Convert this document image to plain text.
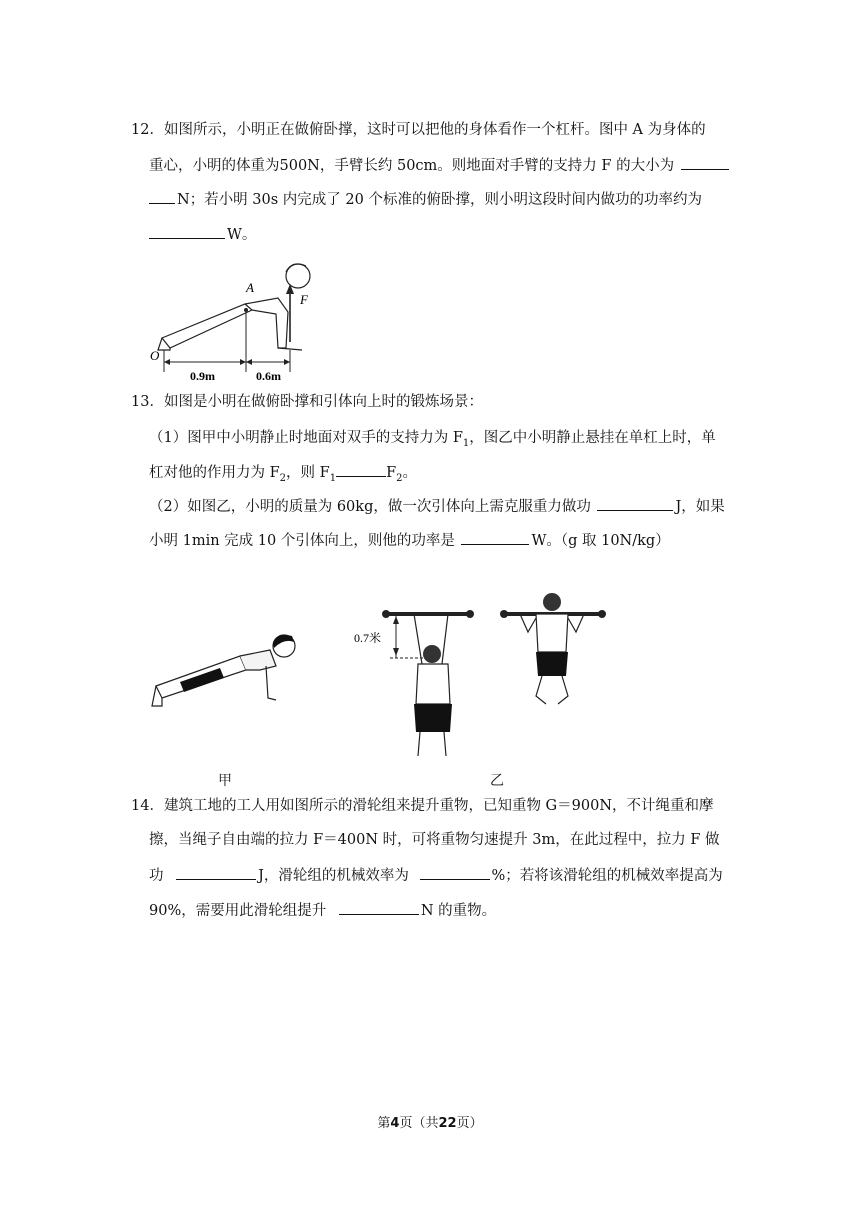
12．如图所示，小明正在做俯卧撑，这时可以把他的身体看作一个杠杆。图中 A 为身体的
重心，小明的体重为500N，手臂长约 50cm。则地面对手臂的支持力 F 的大小为
N；若小明 30s 内完成了 20 个标准的俯卧撑，则小明这段时间内做功的功率约为
W。
A
F
O
0.9m	0.6m
13．如图是小明在做俯卧撑和引体向上时的锻炼场景：
（1）图甲中小明静止时地面对双手的支持力为 $F_1$，图乙中小明静止悬挂在单杠上时，单
杠对他的作用力为 $F_2$，则 $F_1$	$F_2$。
（2）如图乙，小明的质量为 60kg，做一次引体向上需克服重力做功	J，如果
小明 1min 完成 10 个引体向上，则他的功率是	W。（g 取 10N/kg）
0.7米
甲	乙
14．建筑工地的工人用如图所示的滑轮组来提升重物，已知重物 G＝900N，不计绳重和摩
擦，当绳子自由端的拉力 F＝400N 时，可将重物匀速提升 3m，在此过程中，拉力 F 做
功	J，滑轮组的机械效率为	%；若将该滑轮组的机械效率提高为
90%，需要用此滑轮组提升	N 的重物。
第4页（共22页）
